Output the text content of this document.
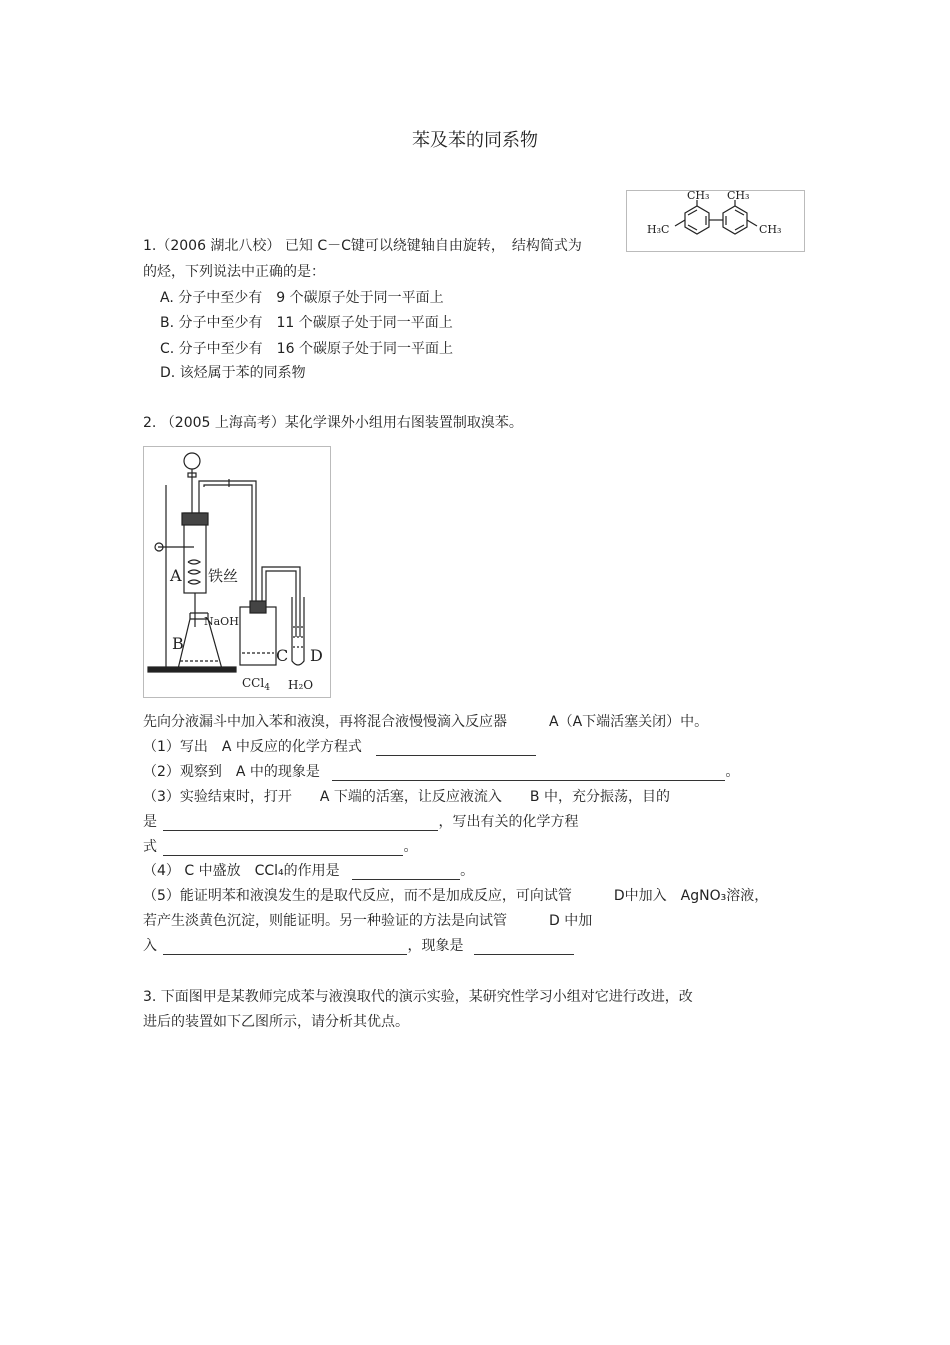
苯及苯的同系物
1.（2006 湖北八校） 已知 C－C键可以绕键轴自由旋转，　结构简式为
CH₃ CH₃
H₃C	CH₃
的烃，下列说法中正确的是：
A. 分子中至少有　9 个碳原子处于同一平面上
B. 分子中至少有　11 个碳原子处于同一平面上
C. 分子中至少有　16 个碳原子处于同一平面上
D. 该烃属于苯的同系物
2. （2005 上海高考）某化学课外小组用右图装置制取溴苯。
A 铁丝
B
NaOH
C D
CCl$_4$ H₂O
先向分液漏斗中加入苯和液溴，再将混合液慢慢滴入反应器　　　A（A下端活塞关闭）中。
（1）写出　A 中反应的化学方程式
（2）观察到　A 中的现象是	。
（3）实验结束时，打开　　A 下端的活塞，让反应液流入　　B 中，充分振荡，目的
是	，写出有关的化学方程
式	。
（4） C 中盛放　CCl₄的作用是	。
（5）能证明苯和液溴发生的是取代反应，而不是加成反应，可向试管　　　D中加入　AgNO₃溶液，
若产生淡黄色沉淀，则能证明。另一种验证的方法是向试管　　　D 中加
入	，现象是
3. 下面图甲是某教师完成苯与液溴取代的演示实验，某研究性学习小组对它进行改进，改
进后的装置如下乙图所示，请分析其优点。
